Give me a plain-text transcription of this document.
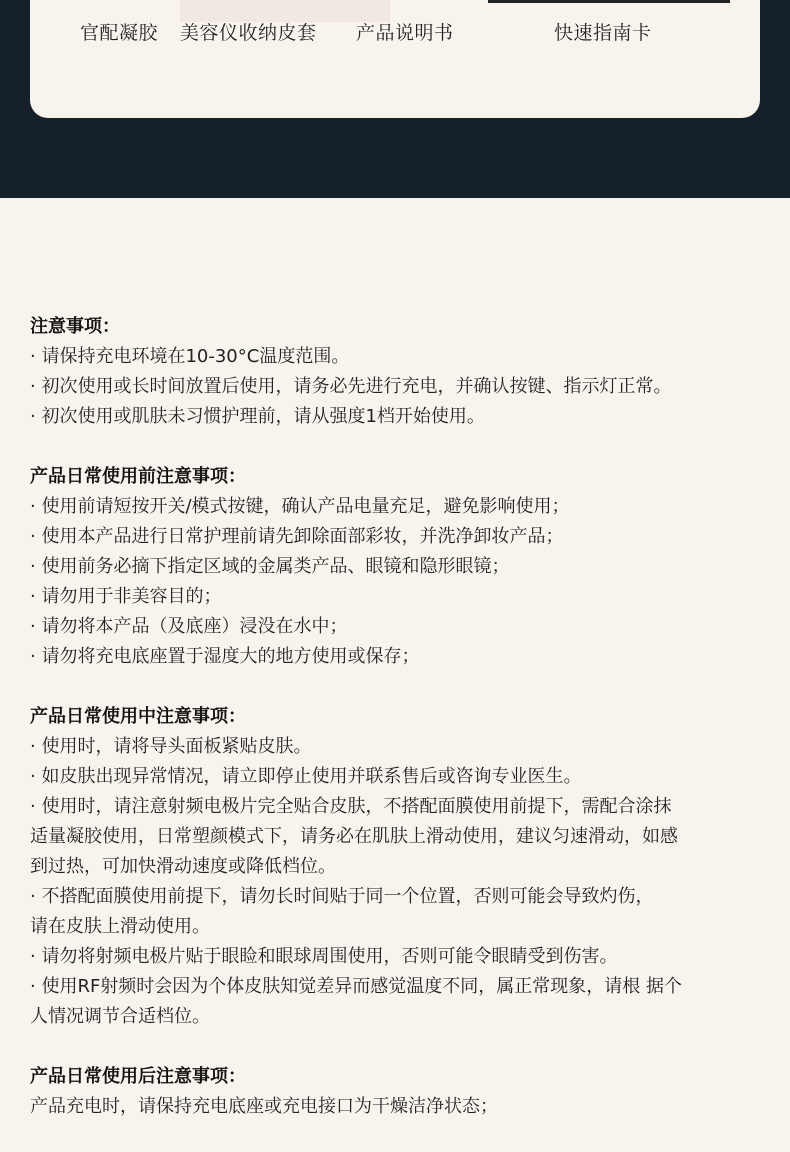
官配凝胶 美容仪收纳皮套 产品说明书	快速指南卡
注意事项：
· 请保持充电环境在10-30°C温度范围。
· 初次使用或长时间放置后使用，请务必先进行充电，并确认按键、指示灯正常。
· 初次使用或肌肤未习惯护理前，请从强度1档开始使用。
产品日常使用前注意事项：
· 使用前请短按开关/模式按键，确认产品电量充足，避免影响使用；
· 使用本产品进行日常护理前请先卸除面部彩妆，并洗净卸妆产品；
· 使用前务必摘下指定区域的金属类产品、眼镜和隐形眼镜；
· 请勿用于非美容目的；
· 请勿将本产品（及底座）浸没在水中；
· 请勿将充电底座置于湿度大的地方使用或保存；
产品日常使用中注意事项：
· 使用时，请将导头面板紧贴皮肤。
· 如皮肤出现异常情况，请立即停止使用并联系售后或咨询专业医生。
· 使用时，请注意射频电极片完全贴合皮肤，不搭配面膜使用前提下，需配合涂抹
适量凝胶使用，日常塑颜模式下，请务必在肌肤上滑动使用，建议匀速滑动，如感
到过热，可加快滑动速度或降低档位。
· 不搭配面膜使用前提下，请勿长时间贴于同一个位置，否则可能会导致灼伤，
请在皮肤上滑动使用。
· 请勿将射频电极片贴于眼睑和眼球周围使用，否则可能令眼睛受到伤害。
· 使用RF射频时会因为个体皮肤知觉差异而感觉温度不同，属正常现象，请根 据个
人情况调节合适档位。
产品日常使用后注意事项：
产品充电时，请保持充电底座或充电接口为干燥洁净状态；
